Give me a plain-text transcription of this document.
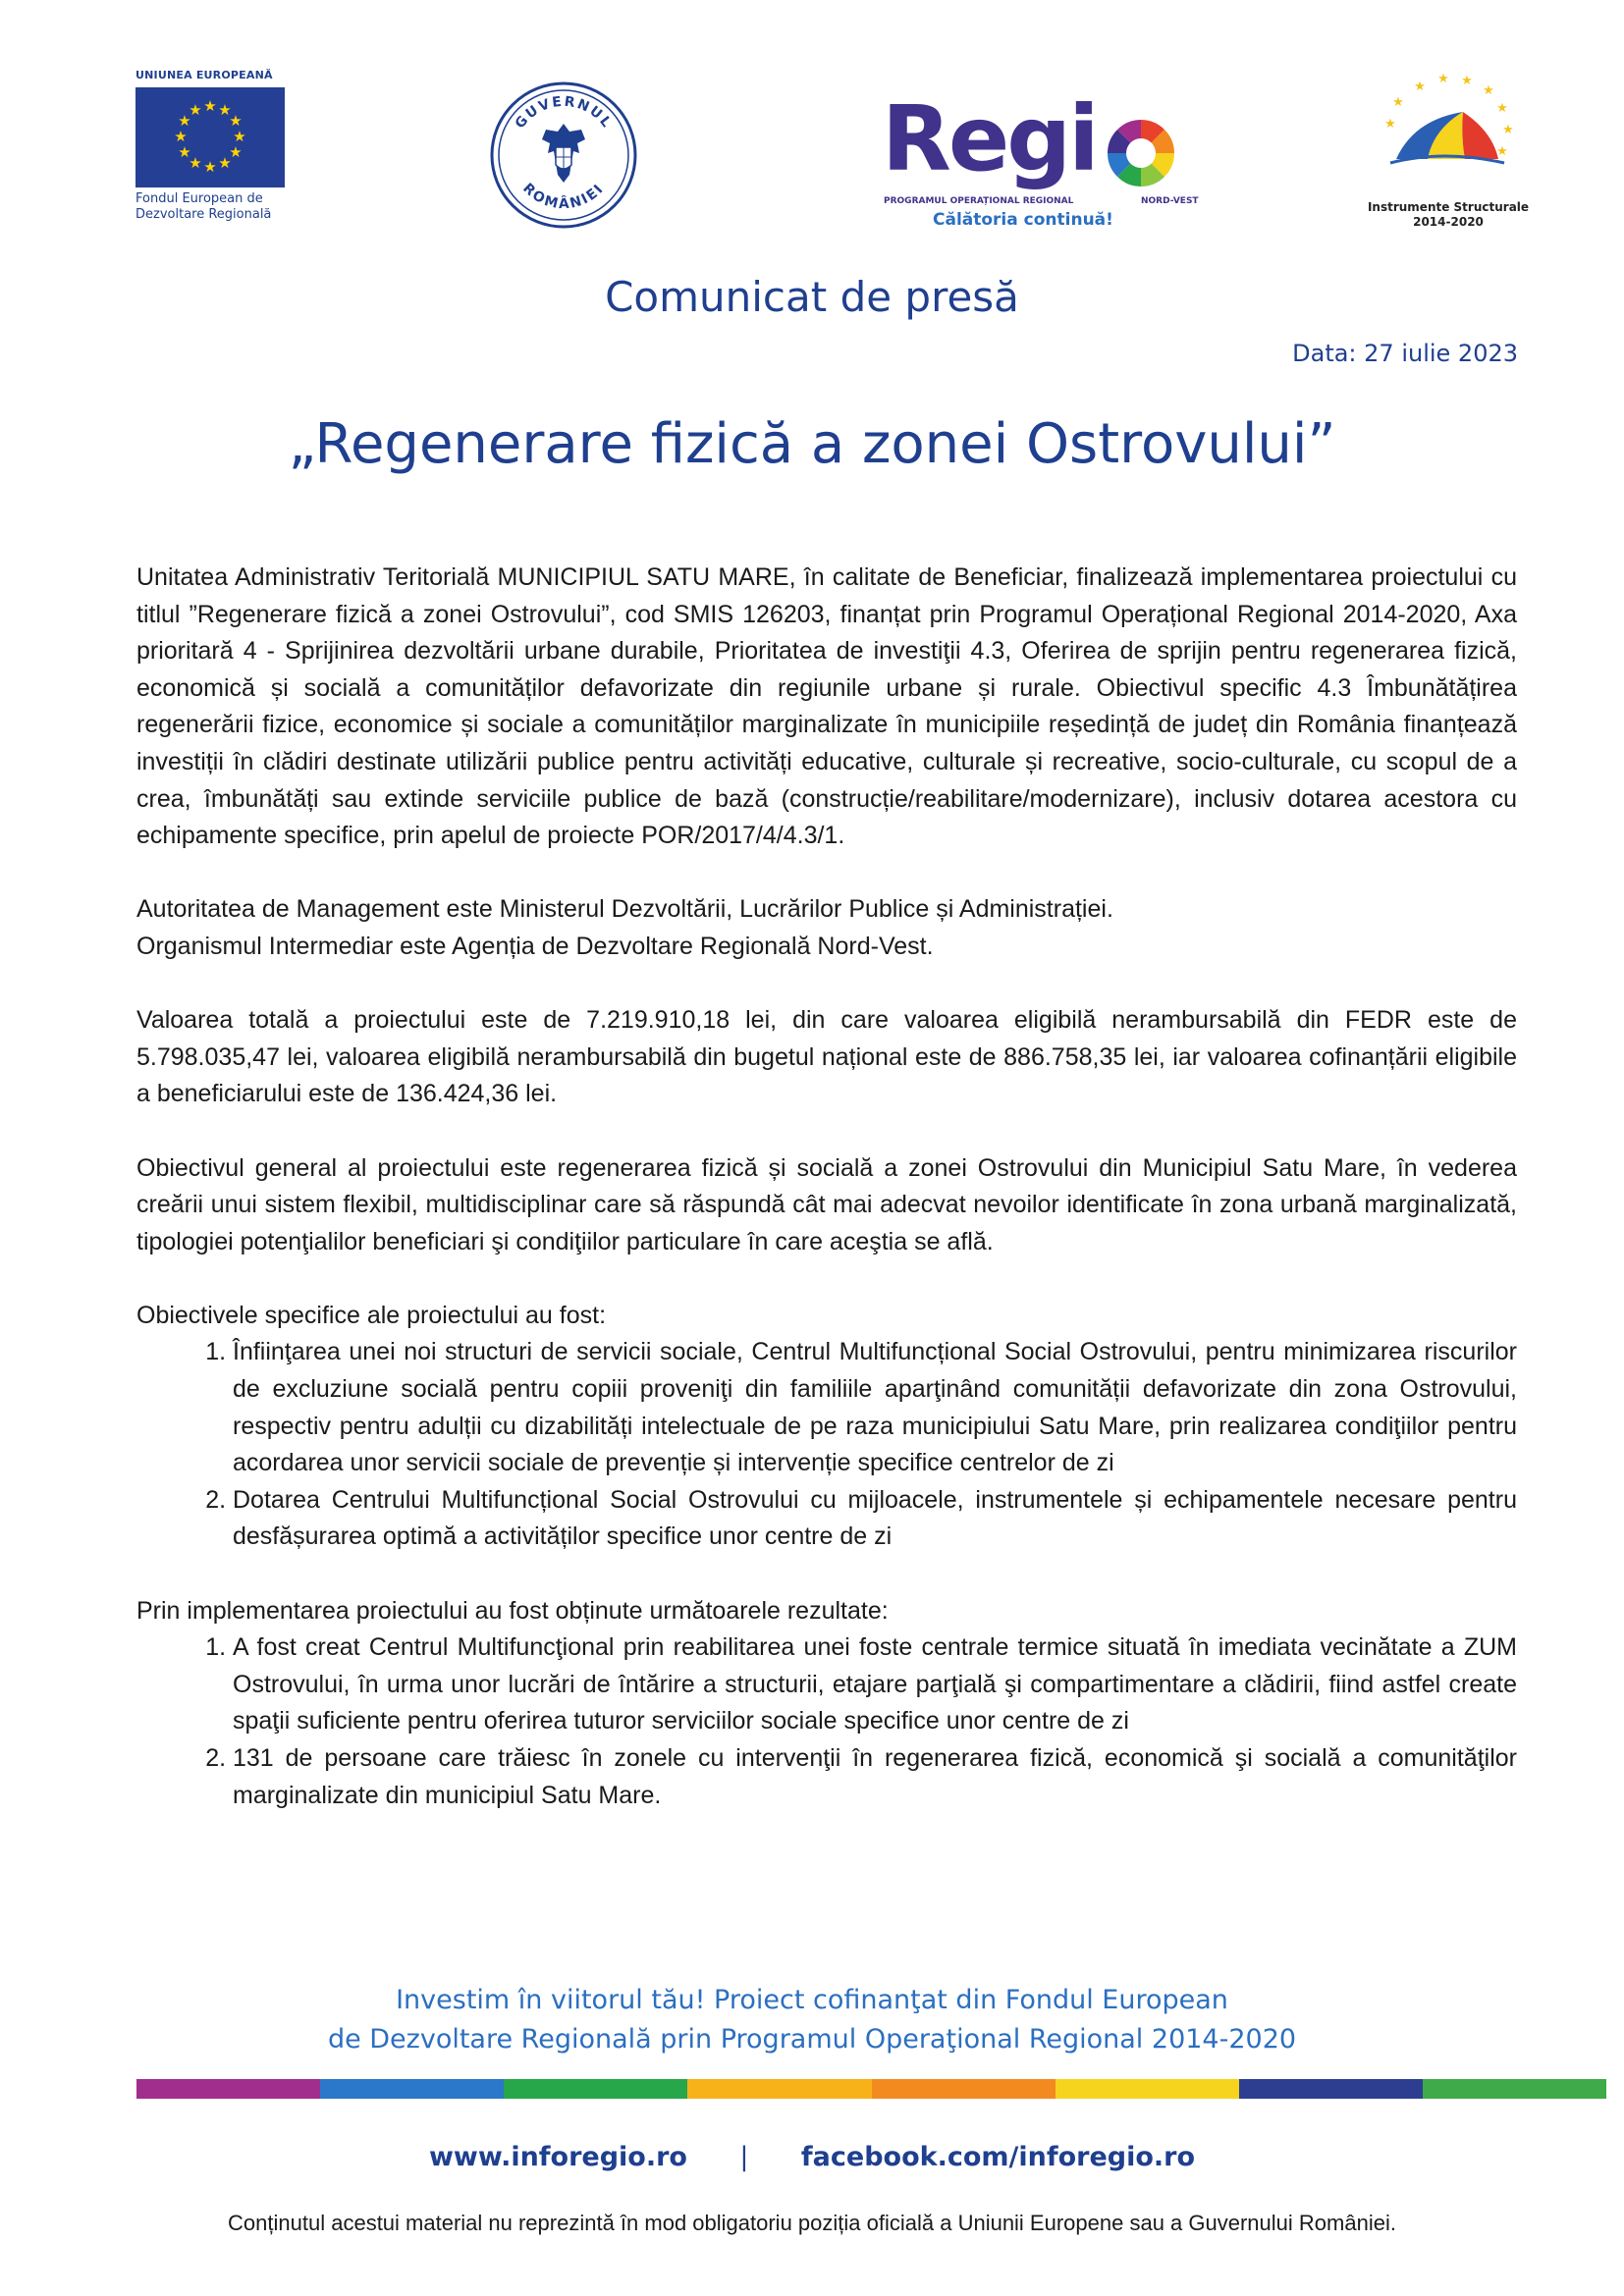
UNIUNEA EUROPEANĂ
★ ★
★
★
★
★
★
★
★
★
★
★
Fondul European de
Dezvoltare Regională
GUVERNUL
ROMÂNIEI	Regi
PROGRAMUL OPERAȚIONAL REGIONAL	NORD-VEST
Călătoria continuă!
★
★ ★
★
★
★
★
★
★
Instrumente Structurale
2014-2020
Comunicat de presă
Data: 27 iulie 2023
„Regenerare fizică a zonei Ostrovului”

Unitatea Administrativ Teritorială MUNICIPIUL SATU MARE, în calitate de Beneficiar, finalizează implementarea proiectului cu titlul ”Regenerare fizică a zonei Ostrovului”, cod SMIS 126203, finanțat prin Programul Operațional Regional 2014-2020, Axa prioritară 4 - Sprijinirea dezvoltării urbane durabile, Prioritatea de investiţii 4.3, Oferirea de sprijin pentru regenerarea fizică, economică și socială a comunităților defavorizate din regiunile urbane și rurale. Obiectivul specific 4.3 Îmbunătățirea regenerării fizice, economice și sociale a comunităților marginalizate în municipiile reședință de județ din România finanțează investiții în clădiri destinate utilizării publice pentru activități educative, culturale și recreative, socio-culturale, cu scopul de a crea, îmbunătăți sau extinde serviciile publice de bază (construcție/reabilitare/modernizare), inclusiv dotarea acestora cu echipamente specifice, prin apelul de proiecte POR/2017/4/4.3/1.

Autoritatea de Management este Ministerul Dezvoltării, Lucrărilor Publice și Administrației.

Organismul Intermediar este Agenția de Dezvoltare Regională Nord-Vest.

Valoarea totală a proiectului este de 7.219.910,18 lei, din care valoarea eligibilă nerambursabilă din FEDR este de 5.798.035,47 lei, valoarea eligibilă nerambursabilă din bugetul național este de 886.758,35 lei, iar valoarea cofinanțării eligibile a beneficiarului este de 136.424,36 lei.

Obiectivul general al proiectului este regenerarea fizică și socială a zonei Ostrovului din Municipiul Satu Mare, în vederea creării unui sistem flexibil, multidisciplinar care să răspundă cât mai adecvat nevoilor identificate în zona urbană marginalizată, tipologiei potenţialilor beneficiari şi condiţiilor particulare în care aceştia se află.

Obiectivele specifice ale proiectului au fost:

1. Înfiinţarea unei noi structuri de servicii sociale, Centrul Multifuncțional Social Ostrovului, pentru minimizarea riscurilor de excluziune socială pentru copiii proveniţi din familiile aparţinând comunității defavorizate din zona Ostrovului, respectiv pentru adulții cu dizabilități intelectuale de pe raza municipiului Satu Mare, prin realizarea condiţiilor pentru acordarea unor servicii sociale de prevenție și intervenție specifice centrelor de zi
2. Dotarea Centrului Multifuncțional Social Ostrovului cu mijloacele, instrumentele și echipamentele necesare pentru desfășurarea optimă a activităților specifice unor centre de zi

Prin implementarea proiectului au fost obținute următoarele rezultate:

1. A fost creat Centrul Multifuncţional prin reabilitarea unei foste centrale termice situată în imediata vecinătate a ZUM Ostrovului, în urma unor lucrări de întărire a structurii, etajare parţială şi compartimentare a clădirii, fiind astfel create spaţii suficiente pentru oferirea tuturor serviciilor sociale specifice unor centre de zi
2. 131 de persoane care trăiesc în zonele cu intervenţii în regenerarea fizică, economică şi socială a comunităţilor marginalizate din municipiul Satu Mare.
Investim în viitorul tău! Proiect cofinanţat din Fondul European
de Dezvoltare Regională prin Programul Operaţional Regional 2014-2020
www.inforegio.ro | facebook.com/inforegio.ro
Conținutul acestui material nu reprezintă în mod obligatoriu poziția oficială a Uniunii Europene sau a Guvernului României.
